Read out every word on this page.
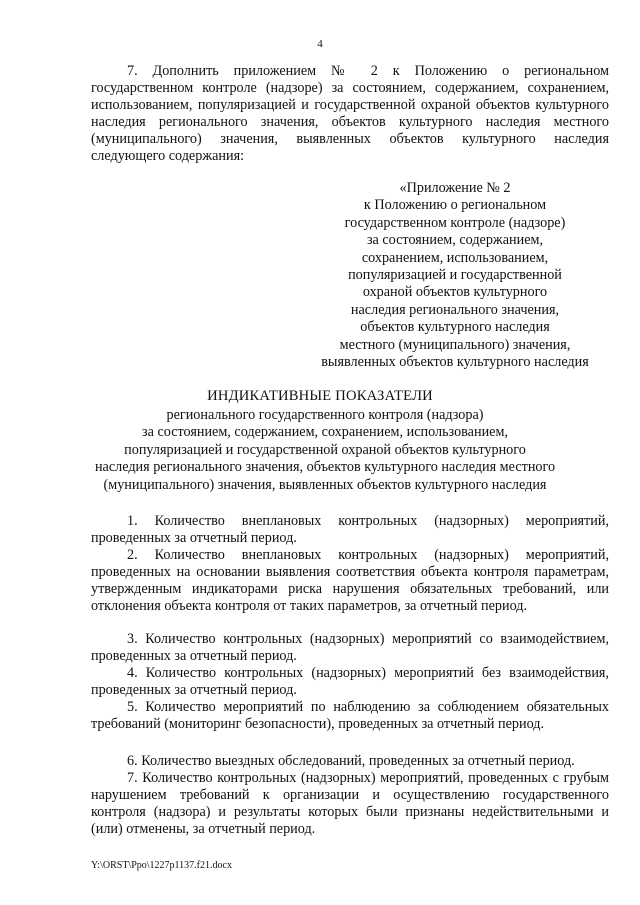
4
7. Дополнить приложением № 2 к Положению о региональном государственном контроле (надзоре) за состоянием, содержанием, сохранением, использованием, популяризацией и государственной охраной объектов культурного наследия регионального значения, объектов культурного наследия местного (муниципального) значения, выявленных объектов культурного наследия следующего содержания:
«Приложение № 2
к Положению о региональном
государственном контроле (надзоре)
за состоянием, содержанием,
сохранением, использованием,
популяризацией и государственной
охраной объектов культурного
наследия регионального значения,
объектов культурного наследия
местного (муниципального) значения,
выявленных объектов культурного наследия
ИНДИКАТИВНЫЕ ПОКАЗАТЕЛИ
регионального государственного контроля (надзора)
за состоянием, содержанием, сохранением, использованием,
популяризацией и государственной охраной объектов культурного
наследия регионального значения, объектов культурного наследия местного
(муниципального) значения, выявленных объектов культурного наследия
1. Количество внеплановых контрольных (надзорных) мероприятий, проведенных за отчетный период.
2. Количество внеплановых контрольных (надзорных) мероприятий, проведенных на основании выявления соответствия объекта контроля параметрам, утвержденным индикаторами риска нарушения обязательных требований, или отклонения объекта контроля от таких параметров, за отчетный период.
3. Количество контрольных (надзорных) мероприятий со взаимодействием, проведенных за отчетный период.
4. Количество контрольных (надзорных) мероприятий без взаимодействия, проведенных за отчетный период.
5. Количество мероприятий по наблюдению за соблюдением обязательных требований (мониторинг безопасности), проведенных за отчетный период.
6. Количество выездных обследований, проведенных за отчетный период.
7. Количество контрольных (надзорных) мероприятий, проведенных с грубым нарушением требований к организации и осуществлению государственного контроля (надзора) и результаты которых были признаны недействительными и (или) отменены, за отчетный период.
Y:\ORST\Ppo\1227p1137.f21.docx
